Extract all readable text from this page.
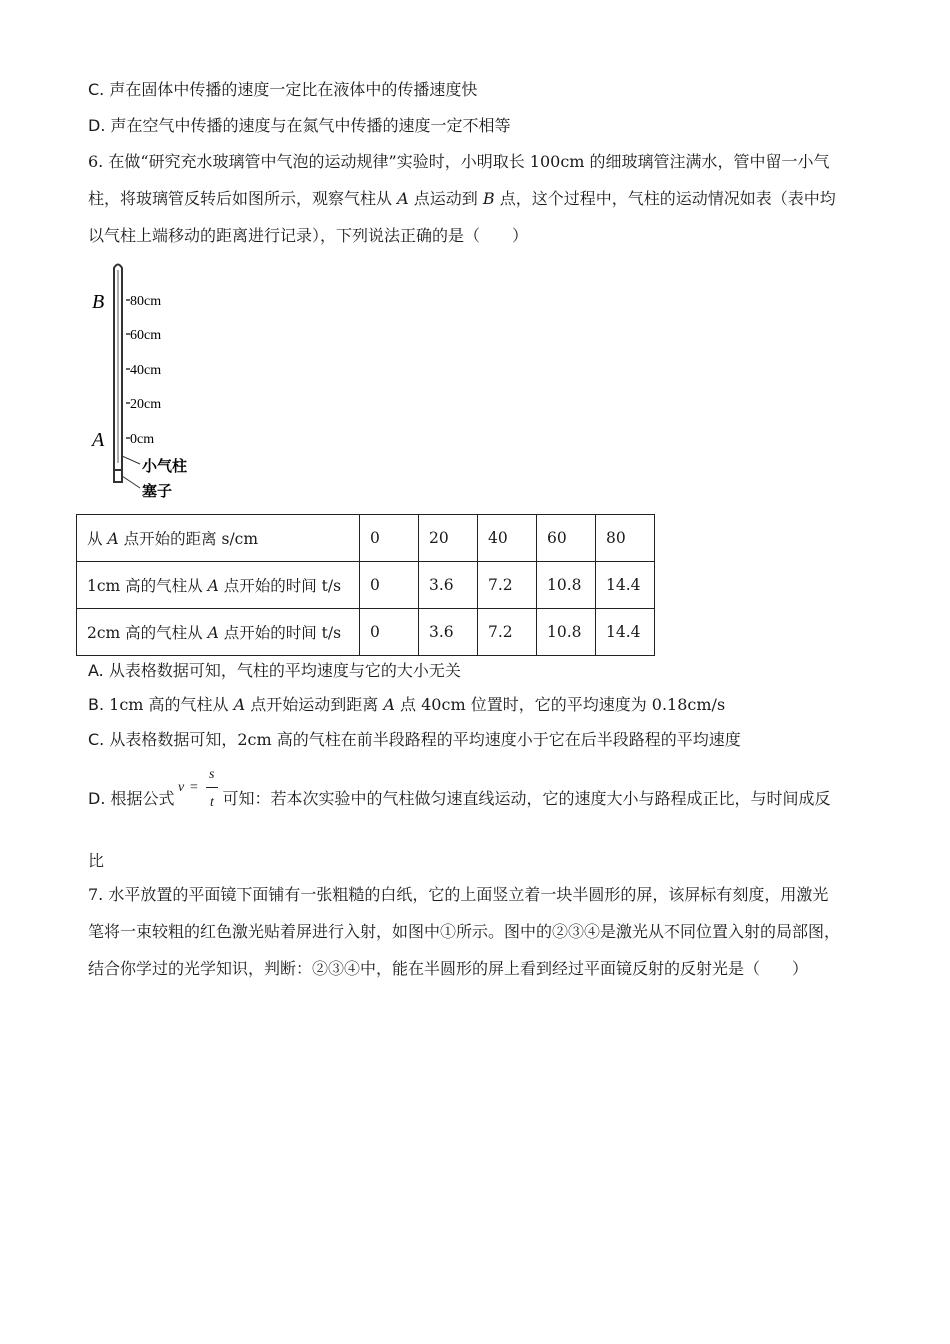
C. 声在固体中传播的速度一定比在液体中的传播速度快
D. 声在空气中传播的速度与在氮气中传播的速度一定不相等
6. 在做“研究充水玻璃管中气泡的运动规律”实验时，小明取长 100cm 的细玻璃管注满水，管中留一小气
柱，将玻璃管反转后如图所示，观察气柱从 A 点运动到 B 点，这个过程中，气柱的运动情况如表（表中均
以气柱上端移动的距离进行记录），下列说法正确的是（　　）
B
A
80cm
60cm
40cm
20cm
0cm
小气柱
塞子
从 A 点开始的距离 s/cm	0	20	40	60	80
1cm 高的气柱从 A 点开始的时间 t/s	0	3.6	7.2	10.8	14.4
2cm 高的气柱从 A 点开始的时间 t/s	0	3.6	7.2	10.8	14.4
A. 从表格数据可知，气柱的平均速度与它的大小无关
B. 1cm 高的气柱从 A 点开始运动到距离 A 点 40cm 位置时，它的平均速度为 0.18cm/s
C. 从表格数据可知，2cm 高的气柱在前半段路程的平均速度小于它在后半段路程的平均速度
D. 根据公式	可知：若本次实验中的气柱做匀速直线运动，它的速度大小与路程成正比，与时间成反
v =
s
t
比
7. 水平放置的平面镜下面铺有一张粗糙的白纸，它的上面竖立着一块半圆形的屏，该屏标有刻度，用激光
笔将一束较粗的红色激光贴着屏进行入射，如图中①所示。图中的②③④是激光从不同位置入射的局部图，
结合你学过的光学知识，判断：②③④中，能在半圆形的屏上看到经过平面镜反射的反射光是（　　）
